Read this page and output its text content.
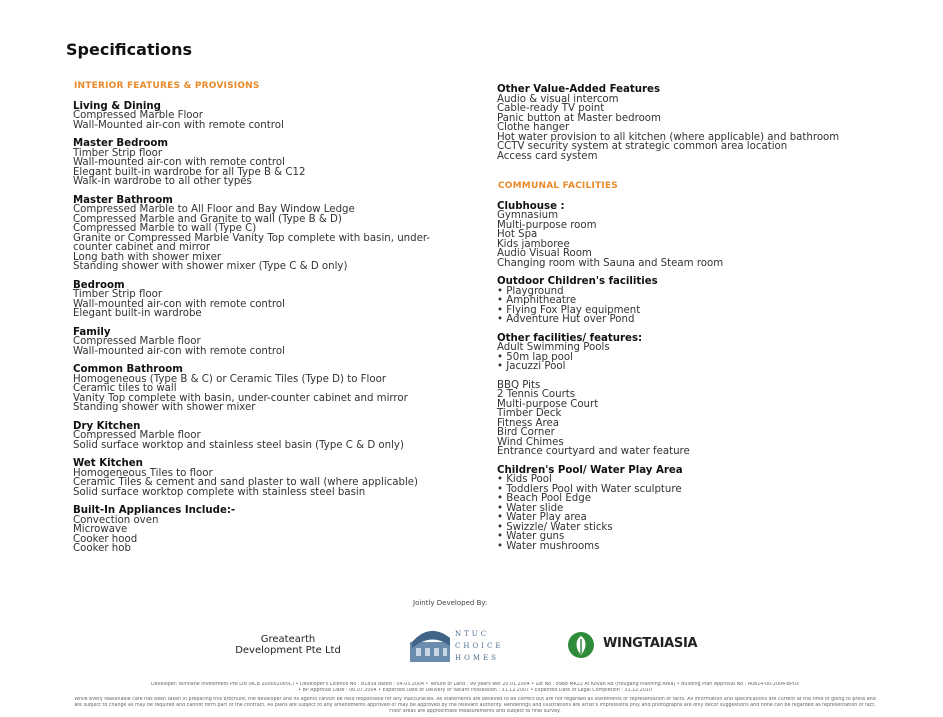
Specifications
INTERIOR FEATURES & PROVISIONS
Living & Dining
Compressed Marble Floor
Wall-Mounted air-con with remote control
Master Bedroom
Timber Strip floor
Wall-mounted air-con with remote control
Elegant built-in wardrobe for all Type B & C12
Walk-in wardrobe to all other types
Master Bathroom
Compressed Marble to All Floor and Bay Window Ledge
Compressed Marble and Granite to wall (Type B & D)
Compressed Marble to wall (Type C)
Granite or Compressed Marble Vanity Top complete with basin, under-
counter cabinet and mirror
Long bath with shower mixer
Standing shower with shower mixer (Type C & D only)
Bedroom
Timber Strip floor
Wall-mounted air-con with remote control
Elegant built-in wardrobe
Family
Compressed Marble floor
Wall-mounted air-con with remote control
Common Bathroom
Homogeneous (Type B & C) or Ceramic Tiles (Type D) to Floor
Ceramic tiles to wall
Vanity Top complete with basin, under-counter cabinet and mirror
Standing shower with shower mixer
Dry Kitchen
Compressed Marble floor
Solid surface worktop and stainless steel basin (Type C & D only)
Wet Kitchen
Homogeneous Tiles to floor
Ceramic Tiles & cement and sand plaster to wall (where applicable)
Solid surface worktop complete with stainless steel basin
Built-In Appliances Include:-
Convection oven
Microwave
Cooker hood
Cooker hob
Other Value-Added Features
Audio & visual intercom
Cable-ready TV point
Panic button at Master bedroom
Clothe hanger
Hot water provision to all kitchen (where applicable) and bathroom
CCTV security system at strategic common area location
Access card system
COMMUNAL FACILITIES
Clubhouse :
Gymnasium
Multi-purpose room
Hot Spa
Kids jamboree
Audio Visual Room
Changing room with Sauna and Steam room
Outdoor Children's facilities
• Playground
• Amphitheatre
• Flying Fox Play equipment
• Adventure Hut over Pond
Other facilities/ features:
Adult Swimming Pools
• 50m lap pool
• Jacuzzi Pool
BBQ Pits
2 Tennis Courts
Multi-purpose Court
Timber Deck
Fitness Area
Bird Corner
Wind Chimes
Entrance courtyard and water feature
Children's Pool/ Water Play Area
• Kids Pool
• Toddlers Pool with Water sculpture
• Beach Pool Edge
• Water slide
• Water Play area
• Swizzle/ Water sticks
• Water guns
• Water mushrooms
Jointly Developed By:
Greatearth
Development Pte Ltd
NTUC
CHOICE
HOMES
WINGTAIASIA
Developer: Winnane Investment Pte Ltd (RCB 200002065C) • Developer's Licence No : B1839 dated : 04.03.2004 • Tenure of Land : 99 years wef 20.01.2004 • Lot No : 8988 MK22 At Kovan Rd (Hougang Planning Area) • Building Plan Approval No : A0814-00-2004-BP03
• BP Approval Date : 06.07.2004 • Expected Date of Delivery of Vacant Possession : 31.12.2007 • Expected Date of Legal Completion : 31.12.2010
While every reasonable care has been taken in preparing this brochure, the developer and its agents cannot be held responsible for any inaccuracies. All statements are believed to be correct but are not regarded as statements or representation of facts. All information and specifications are current at the time of going to press and
are subject to change as may be required and cannot form part of the contract. All plans are subject to any amendments approved or may be approved by the relevant authority. Renderings and illustrations are artist's impressions only and photographs are only decor suggestions and none can be regarded as representation of fact.
Floor areas are approximate measurements and subject to final survey.
